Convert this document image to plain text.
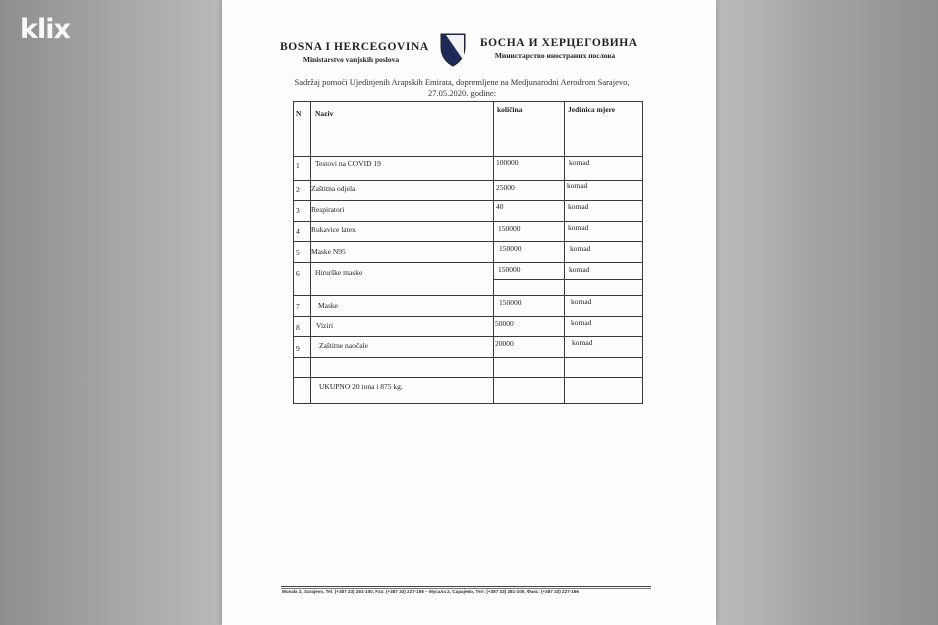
klix
BOSNA I HERCEGOVINA
Ministarstvo vanjskih poslova
БОСНА И ХЕРЦЕГОВИНА
Министарство иностраних послова

Sadržaj pomoći Ujedinjenih Arapskih Emirata, dopremljene na Medjunarodni Aerodrom Sarajevo,

27.05.2020. godine:

N Naziv	količina	Jedinica mjere
1 Testovi na COVID 19	100000	komad
2 Zaštitna odjela	25000	komad
3 Respiratori	40	komad
4 Rukavice latex	150000	komad
5 Maske N95	150000	komad
6 Hirurške maske	150000	komad
7 Maske	150000	komad
8 Viziri	50000	komad
9	Zaštitne naočale	20000	komad
UKUPNO 20 tona i 875 kg.
Musala 2, Sarajevo, Tel: (+387 33) 281-100, Fax: (+387 33) 227-156 – Мусала 2, Сарајево, Тел: (+387 33) 281-100, Факс: (+387 33) 227-156
